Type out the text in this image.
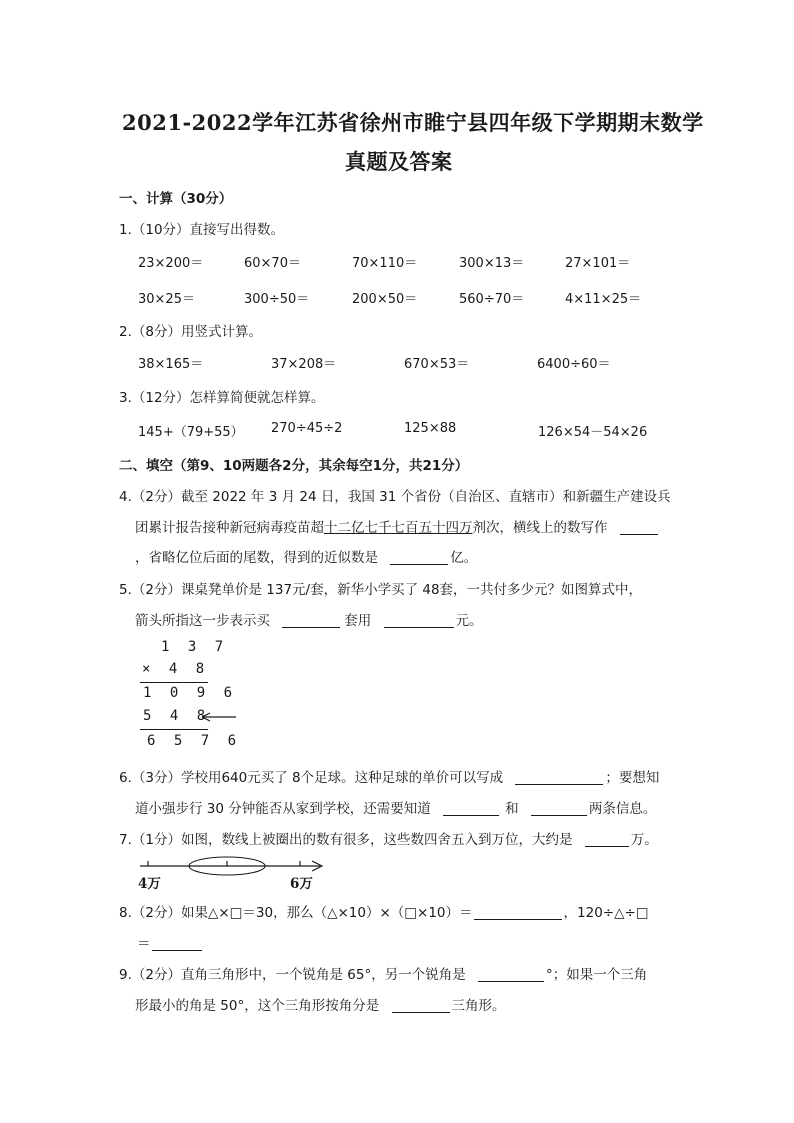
2021-2022学年江苏省徐州市睢宁县四年级下学期期末数学
真题及答案
一、计算（30分）
1.（10分）直接写出得数。
23×200＝	60×70＝	70×110＝	300×13＝	27×101＝
30×25＝	300÷50＝	200×50＝	560÷70＝	4×11×25＝
2.（8分）用竖式计算。
38×165＝	37×208＝	670×53＝	6400÷60＝
3.（12分）怎样算简便就怎样算。
145+（79+55） 270÷45÷2	125×88	126×54－54×26
二、填空（第9、10两题各2分，其余每空1分，共21分）
4.（2分）截至 2022 年 3 月 24 日，我国 31 个省份（自治区、直辖市）和新疆生产建设兵
团累计报告接种新冠病毒疫苗超十二亿七千七百五十四万剂次，横线上的数写作
，省略亿位后面的尾数，得到的近似数是	亿。
5.（2分）课桌凳单价是 137元/套，新华小学买了 48套，一共付多少元？如图算式中，
箭头所指这一步表示买	套用	元。
1 3 7
× 4 8
1 0 9 6
5 4 8
6 5 7 6
6.（3分）学校用640元买了 8个足球。这种足球的单价可以写成	；要想知
道小强步行 30 分钟能否从家到学校，还需要知道	和	两条信息。
7.（1分）如图，数线上被圈出的数有很多，这些数四舍五入到万位，大约是	万。
4万	6万
8.（2分）如果△×□＝30，那么（△×10）×（□×10）＝	，120÷△÷□
＝
9.（2分）直角三角形中，一个锐角是 65°，另一个锐角是	°；如果一个三角
形最小的角是 50°，这个三角形按角分是	三角形。
